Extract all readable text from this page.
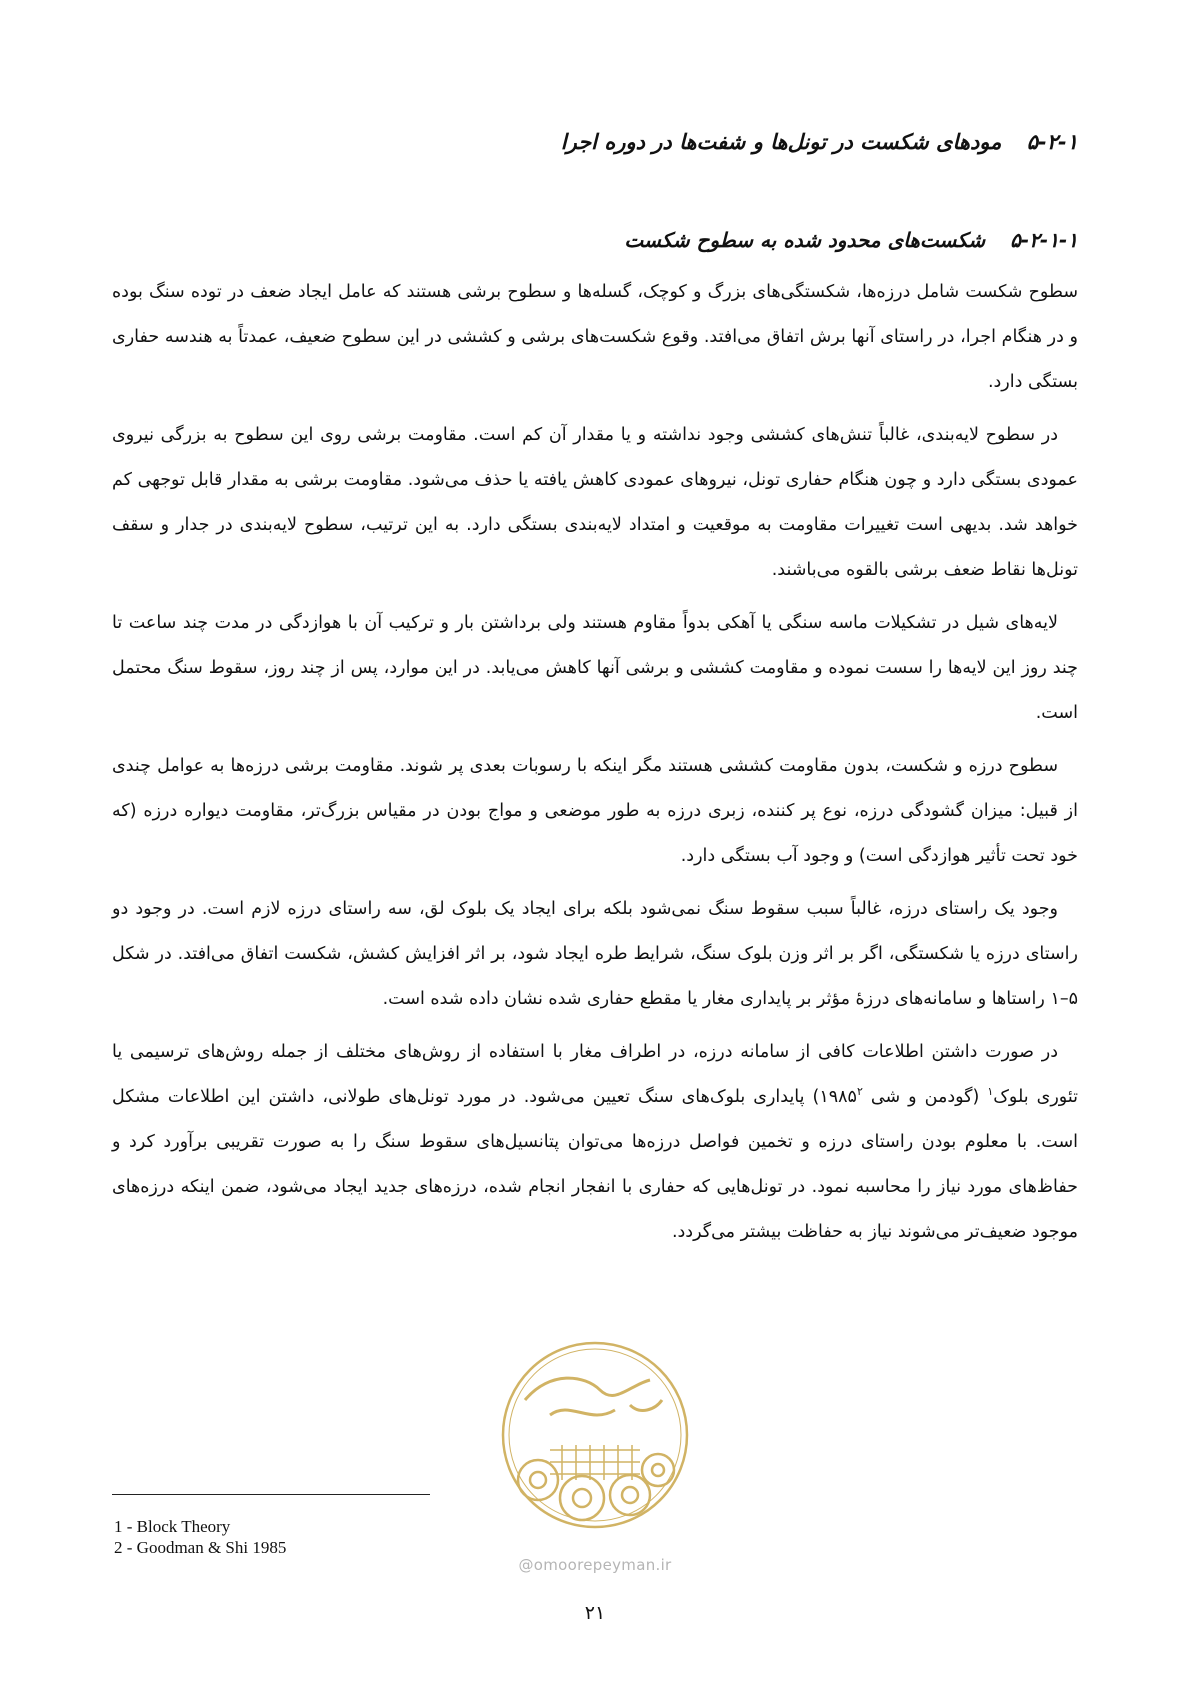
۵-۲-۱ مودهای شکست در تونل‌ها و شفت‌ها در دوره اجرا
۵-۲-۱-۱ شکست‌های محدود شده به سطوح شکست

سطوح شکست شامل درزه‌ها، شکستگی‌های بزرگ و کوچک، گسله‌ها و سطوح برشی هستند که عامل ایجاد ضعف در توده سنگ بوده و در هنگام اجرا، در راستای آنها برش اتفاق می‌افتد. وقوع شکست‌های برشی و کششی در این سطوح ضعیف، عمدتاً به هندسه حفاری بستگی دارد.

در سطوح لایه‌بندی، غالباً تنش‌های کششی وجود نداشته و یا مقدار آن کم است. مقاومت برشی روی این سطوح به بزرگی نیروی عمودی بستگی دارد و چون هنگام حفاری تونل، نیروهای عمودی کاهش یافته یا حذف می‌شود. مقاومت برشی به مقدار قابل توجهی کم خواهد شد. بدیهی است تغییرات مقاومت به موقعیت و امتداد لایه‌بندی بستگی دارد. به این ترتیب، سطوح لایه‌بندی در جدار و سقف تونل‌ها نقاط ضعف برشی بالقوه می‌باشند.

لایه‌های شیل در تشکیلات ماسه سنگی یا آهکی بدواً مقاوم هستند ولی برداشتن بار و ترکیب آن با هوازدگی در مدت چند ساعت تا چند روز این لایه‌ها را سست نموده و مقاومت کششی و برشی آنها کاهش می‌یابد. در این موارد، پس از چند روز، سقوط سنگ محتمل است.

سطوح درزه و شکست، بدون مقاومت کششی هستند مگر اینکه با رسوبات بعدی پر شوند. مقاومت برشی درزه‌ها به عوامل چندی از قبیل: میزان گشودگی درزه، نوع پر کننده، زبری درزه به طور موضعی و مواج بودن در مقیاس بزرگ‌تر، مقاومت دیواره درزه (که خود تحت تأثیر هوازدگی است) و وجود آب بستگی دارد.

وجود یک راستای درزه، غالباً سبب سقوط سنگ نمی‌شود بلکه برای ایجاد یک بلوک لق، سه راستای درزه لازم است. در وجود دو راستای درزه یا شکستگی، اگر بر اثر وزن بلوک سنگ، شرایط طره ایجاد شود، بر اثر افزایش کشش، شکست اتفاق می‌افتد. در شکل ۵–۱ راستاها و سامانه‌های درزهٔ مؤثر بر پایداری مغار یا مقطع حفاری شده نشان داده شده است.

در صورت داشتن اطلاعات کافی از سامانه درزه، در اطراف مغار با استفاده از روش‌های مختلف از جمله روش‌های ترسیمی یا تئوری بلوک$^۱$ (گودمن و شی ۱۹۸۵$^۲$) پایداری بلوک‌های سنگ تعیین می‌شود. در مورد تونل‌های طولانی، داشتن این اطلاعات مشکل است. با معلوم بودن راستای درزه و تخمین فواصل درزه‌ها می‌توان پتانسیل‌های سقوط سنگ را به صورت تقریبی برآورد کرد و حفاظ‌های مورد نیاز را محاسبه نمود. در تونل‌هایی که حفاری با انفجار انجام شده، درزه‌های جدید ایجاد می‌شود، ضمن اینکه درزه‌های موجود ضعیف‌تر می‌شوند نیاز به حفاظت بیشتر می‌گردد.

@omoorepeyman.ir
1 - Block Theory
2 - Goodman & Shi 1985
۲۱
